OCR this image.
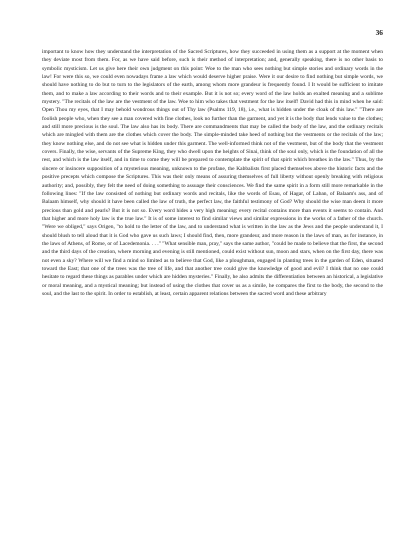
36
important to know how they understand the interpretation of the Sacred Scriptures, how they succeeded in using them as a support at the moment when they deviate most from them. For, as we have said before, such is their method of interpretation; and, generally speaking, there is no other basis to symbolic mysticism. Let us give here their own judgment on this point: Woe to the man who sees nothing but simple stories and ordinary words in the law! For were this so, we could even nowadays frame a law which would deserve higher praise. Were it our desire to find nothing but simple words, we should have nothing to do but to turn to the legislators of the earth, among whom more grandeur is frequently found. I It would be sufficient to imitate them, and to make a law according to their words and to their example. But it is not so; every word of the law holds an exalted meaning and a sublime mystery. "The recitals of the law are the vestment of the law. Woe to him who takes that vestment for the law itself! David had this in mind when he said: Open Thou my eyes, that I may behold wondrous things out of Thy law (Psalms 119, 18), i.e., what is hidden under the cloak of this law." "There are foolish people who, when they see a man covered with fine clothes, look no further than the garment, and yet it is the body that lends value to the clothes; and still more precious is the soul. The law also has its body. There are commandments that may be called the body of the law, and the ordinary recitals which are mingled with them are the clothes which cover the body. The simple-minded take heed of nothing but the vestments or the recitals of the law; they know nothing else, and do not see what is hidden under this garment. The well-informed think not of the vestment, but of the body that the vestment covers. Finally, the wise, servants of the Supreme King, they who dwell upon the heights of Sinai, think of the soul only, which is the foundation of all the rest, and which is the law itself, and in time to come they will be prepared to contemplate the spirit of that spirit which breathes in the law." Thus, by the sincere or insincere supposition of a mysterious meaning, unknown to the profane, the Kabbalists first placed themselves above the historic facts and the positive precepts which compose the Scriptures. This was their only means of assuring themselves of full liberty without openly breaking with religious authority; and, possibly, they felt the need of doing something to assuage their consciences. We find the same spirit in a form still more remarkable in the following lines: "If the law consisted of nothing but ordinary words and recitals, like the words of Esau, of Hagar, of Laban, of Balaam's ass, and of Balaam himself, why should it have been called the law of truth, the perfect law, the faithful testimony of God? Why should the wise man deem it more precious than gold and pearls? But it is not so. Every word hides a very high meaning; every recital contains more than events it seems to contain. And that higher and more holy law is the true law." It is of some interest to find similar views and similar expressions in the works of a father of the church. "Were we obliged," says Origen, "to hold to the letter of the law, and to understand what is written in the law as the Jews and the people understand it, I should blush to tell aloud that it is God who gave us such laws; I should find, then, more grandeur, and more reason in the laws of man, as for instance, in the laws of Athens, of Rome, or of Lacedemonia. . . ." "What sensible man, pray," says the same author, "could be made to believe that the first, the second and the third days of the creation, where morning and evening is still mentioned, could exist without sun, moon and stars, when on the first day, there was not even a sky? Where will we find a mind so limited as to believe that God, like a ploughman, engaged in planting trees in the garden of Eden, situated toward the East; that one of the trees was the tree of life, and that another tree could give the knowledge of good and evil? I think that no one could hesitate to regard these things as parables under which are hidden mysteries." Finally, he also admits the differentiation between an historical, a legislative or moral meaning, and a mystical meaning; but instead of using the clothes that cover us as a simile, he compares the first to the body, the second to the soul, and the last to the spirit. In order to establish, at least, certain apparent relations between the sacred word and these arbitrary
